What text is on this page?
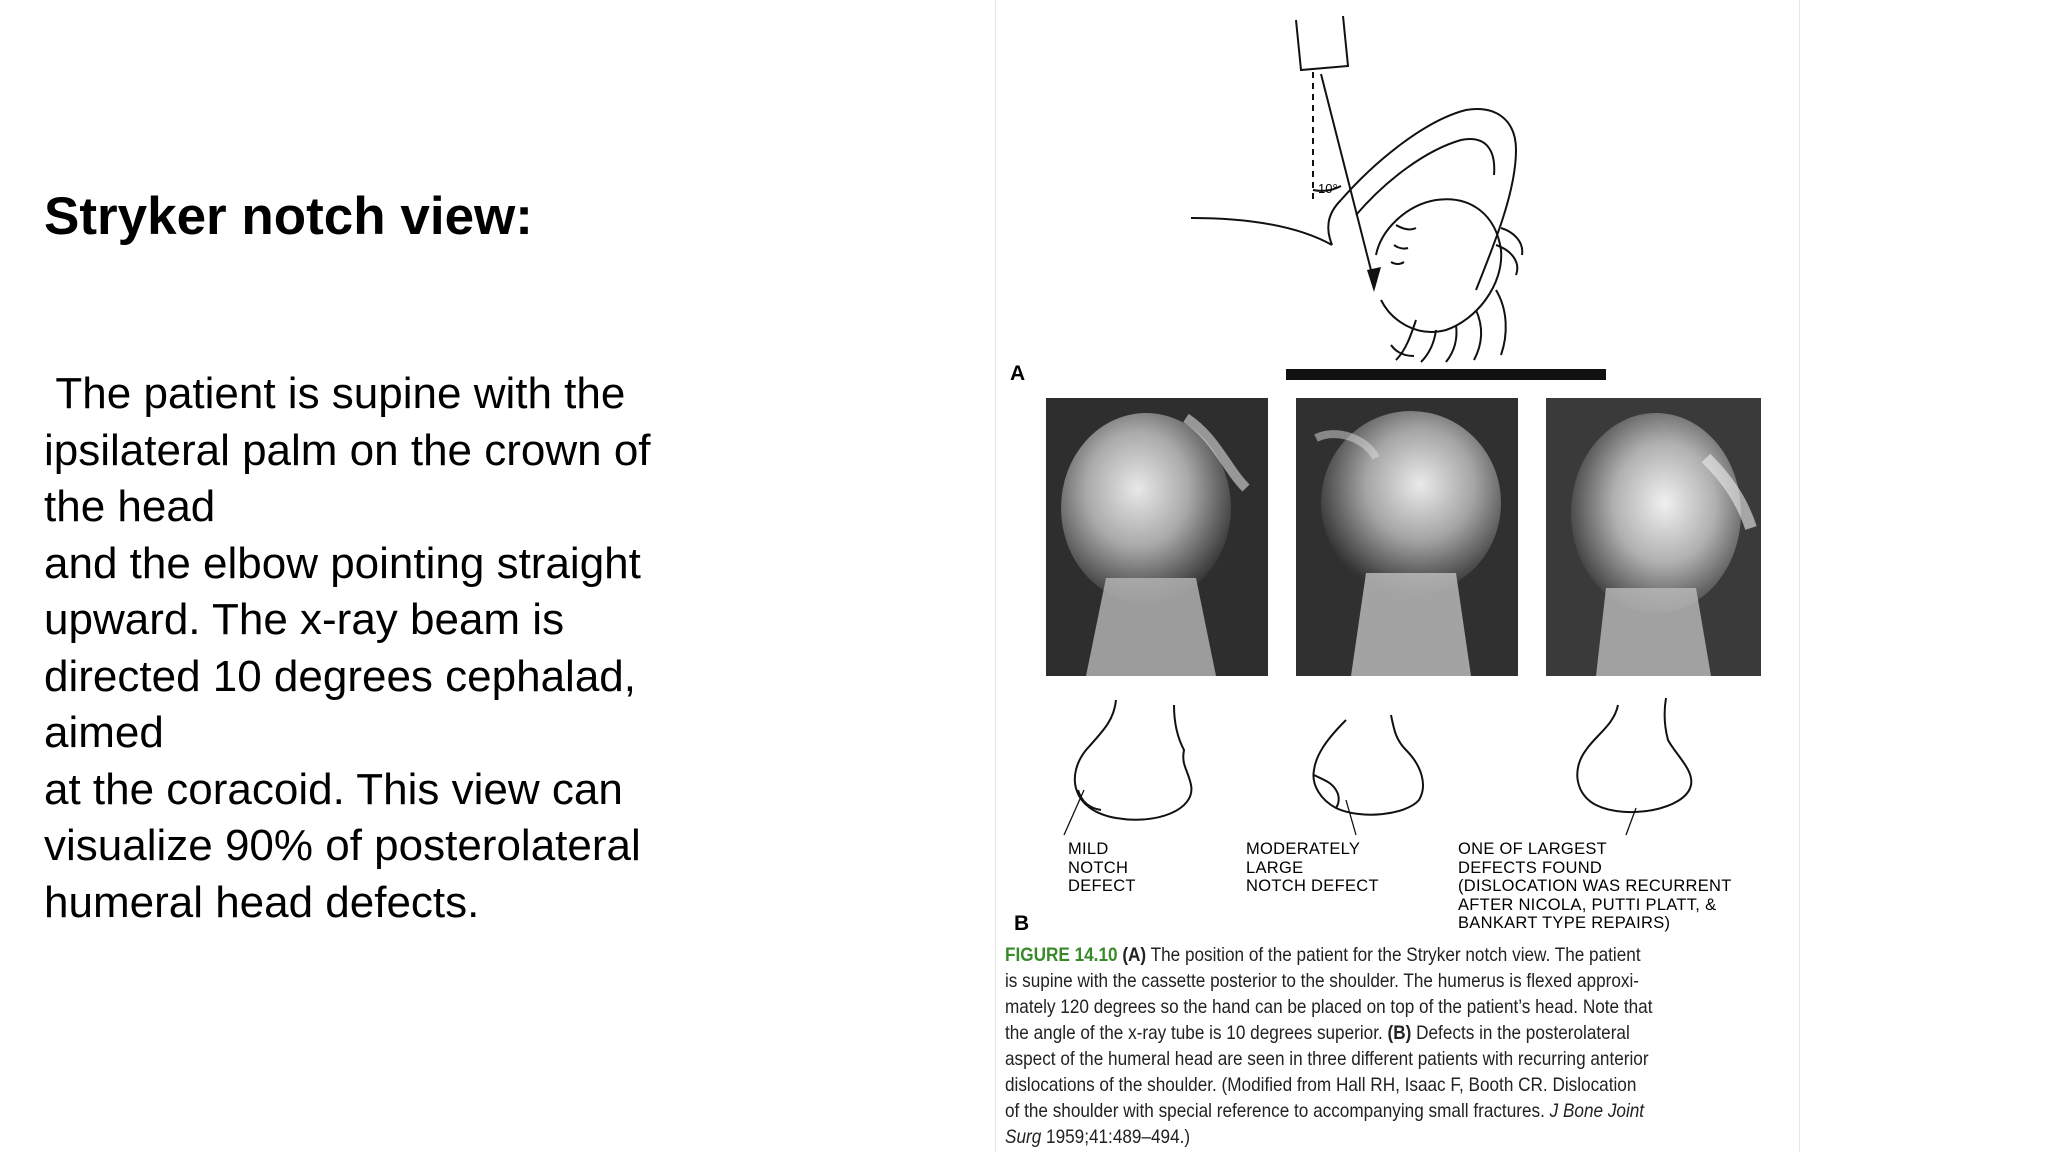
Stryker notch view:
The patient is supine with the
ipsilateral palm on the crown of
the head
and the elbow pointing straight
upward. The x-ray beam is
directed 10 degrees cephalad,
aimed
at the coracoid. This view can
visualize 90% of posterolateral
humeral head defects.
10°
A
MILD
NOTCH
DEFECT
MODERATELY
LARGE
NOTCH DEFECT
ONE OF LARGEST
DEFECTS FOUND
(DISLOCATION WAS RECURRENT
AFTER NICOLA, PUTTI PLATT, &
BANKART TYPE REPAIRS)
B
FIGURE 14.10 (A) The position of the patient for the Stryker notch view. The patient
is supine with the cassette posterior to the shoulder. The humerus is flexed approxi-
mately 120 degrees so the hand can be placed on top of the patient’s head. Note that
the angle of the x-ray tube is 10 degrees superior. (B) Defects in the posterolateral
aspect of the humeral head are seen in three different patients with recurring anterior
dislocations of the shoulder. (Modified from Hall RH, Isaac F, Booth CR. Dislocation
of the shoulder with special reference to accompanying small fractures. J Bone Joint
Surg 1959;41:489–494.)
